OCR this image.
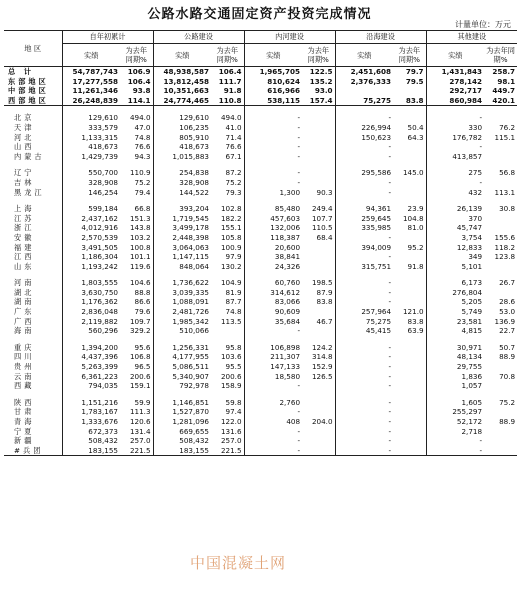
公路水路交通固定资产投资完成情况
计量单位：万元
地 区	自年初累计		公路建设		内河建设		沿海建设		其他建设	
	实绩	为去年同期%	实绩	为去年同期%	实绩	为去年同期%	实绩	为去年同期%	实绩	为去年同期%
总 计	54,787,743	106.9	48,938,587	106.4	1,965,705	122.5	2,451,608	79.7	1,431,843	258.7
东部地区	17,277,558	106.4	13,812,458	111.7	810,624	135.2	2,376,333	79.5	278,142	98.1
中部地区	11,261,346	93.8	10,351,663	91.8	616,966	93.0			292,717	449.7
西部地区	26,248,839	114.1	24,774,465	110.8	538,115	157.4	75,275	83.8	860,984	420.1

北京	129,610	494.0	129,610	494.0	-		-		-	
天津	333,579	47.0	106,235	41.0	-		226,994	50.4	330	76.2
河北	1,133,315	74.8	805,910	71.4	-		150,623	64.3	176,782	115.1
山西	418,673	76.6	418,673	76.6	-		-		-	
内蒙古	1,429,739	94.3	1,015,883	67.1	-		-		413,857	

辽宁	550,700	110.9	254,838	87.2	-		295,586	145.0	275	56.8
吉林	328,908	75.2	328,908	75.2	-		-		-	
黑龙江	146,254	79.4	144,522	79.3	1,300	90.3	-		432	113.1

上海	599,184	66.8	393,204	102.8	85,480	249.4	94,361	23.9	26,139	30.8
江苏	2,437,162	151.3	1,719,545	182.2	457,603	107.7	259,645	104.8	370	
浙江	4,012,916	143.8	3,499,178	155.1	132,006	110.5	335,985	81.0	45,747	
安徽	2,570,539	103.2	2,448,398	105.8	118,387	68.4	-		3,754	155.6
福建	3,491,505	100.8	3,064,063	100.9	20,600		394,009	95.2	12,833	118.2
江西	1,186,304	101.1	1,147,115	97.9	38,841		-		349	123.8
山东	1,193,242	119.6	848,064	130.2	24,326		315,751	91.8	5,101	

河南	1,803,555	104.6	1,736,622	104.9	60,760	198.5	-		6,173	26.7
湖北	3,630,750	88.8	3,039,335	81.9	314,612	87.9	-		276,804	
湖南	1,176,362	86.6	1,088,091	87.7	83,066	83.8	-		5,205	28.6
广东	2,836,048	79.6	2,481,726	74.8	90,609		257,964	121.0	5,749	53.0
广西	2,119,882	109.7	1,985,342	113.5	35,684	46.7	75,275	83.8	23,581	136.9
海南	560,296	329.2	510,066		-		45,415	63.9	4,815	22.7

重庆	1,394,200	95.6	1,256,331	95.8	106,898	124.2	-		30,971	50.7
四川	4,437,396	106.8	4,177,955	103.6	211,307	314.8	-		48,134	88.9
贵州	5,263,399	96.5	5,086,511	95.5	147,133	152.9	-		29,755	
云南	6,361,223	200.6	5,340,907	200.6	18,580	126.5	-		1,836	70.8
西藏	794,035	159.1	792,978	158.9	-		-		1,057	

陕西	1,151,216	59.9	1,146,851	59.8	2,760		-		1,605	75.2
甘肃	1,783,167	111.3	1,527,870	97.4	-		-		255,297	
青海	1,333,676	120.6	1,281,096	122.0	408	204.0	-		52,172	88.9
宁夏	672,373	131.4	669,655	131.6	-		-		2,718	
新疆	508,432	257.0	508,432	257.0	-		-		-	
#兵团	183,155	221.5	183,155	221.5	-		-		-	
中国混凝土网
